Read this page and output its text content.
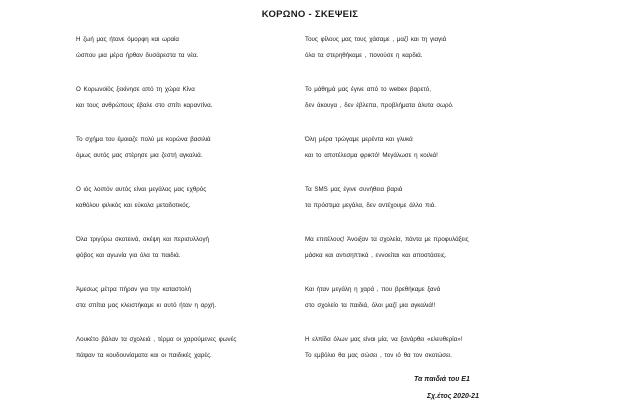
ΚΟΡΩΝΟ - ΣΚΕΨΕΙΣ
Η ζωή μας ήτανε όμορφη και ωραία
ώσπου μια μέρα ήρθαν δυσάρεστα τα νέα.
Ο Κορωνοϊός ξεκίνησε από τη χώρα Κίνα
και τους ανθρώπους έβαλε στο σπίτι καραντίνα.
Το σχήμα του έμοιαζε πολύ με κορώνα βασιλιά
όμως αυτός μας στέρησε μια ζεστή αγκαλιά.
Ο ιός λοιπόν αυτός είναι μεγάλος μας εχθρός
καθόλου φιλικός και εύκολα μεταδοτικός.
Όλα τριγύρω σκοτεινά, σκέψη και περισυλλογή
φόβος και αγωνία για όλα τα παιδιά.
Άμεσως μέτρα πήραν για την καταστολή
στα σπίτια μας κλειστήκαμε κι αυτό ήταν η αρχή.
Λουκέτο βάλαν τα σχολειά , τέρμα οι χαρούμενες φωνές
πάψαν τα κουδουνίσματα και οι παιδικές χαρές.
Τους φίλους μας τους χάσαμε , μαζί και τη γιαγιά
όλα τα στερηθήκαμε , πονούσε η καρδιά.
Το μάθημά μας έγινε από το webex βαρετό,
δεν άκουγα , δεν έβλεπα, προβλήματα άλυτα σωρό.
Όλη μέρα τρώγαμε μερέντα και γλυκά
και το αποτέλεσμα φρικτό! Μεγάλωσε η κοιλιά!
Τα SMS μας έγινε συνήθεια βαριά
τα πρόστιμα μεγάλα, δεν αντέχουμε άλλο πιά.
Μα επιτέλους! Άνοιξαν τα σχολεία, πάντα με προφυλάξεις
μάσκα και αντισηπτικά , εννοείται και αποστάσεις.
Και ήταν μεγάλη η χαρά , που βρεθήκαμε ξανά
στο σχολείο τα παιδιά, όλοι μαζί μια αγκαλιά!!
Η ελπίδα όλων μας είναι μία, να ξανάρθει «ελευθερία»!
Το εμβόλιο θα μας σώσει , τον ιό θα τον σκοτώσει.
Τα παιδιά του Ε1
Σχ.έτος 2020-21
